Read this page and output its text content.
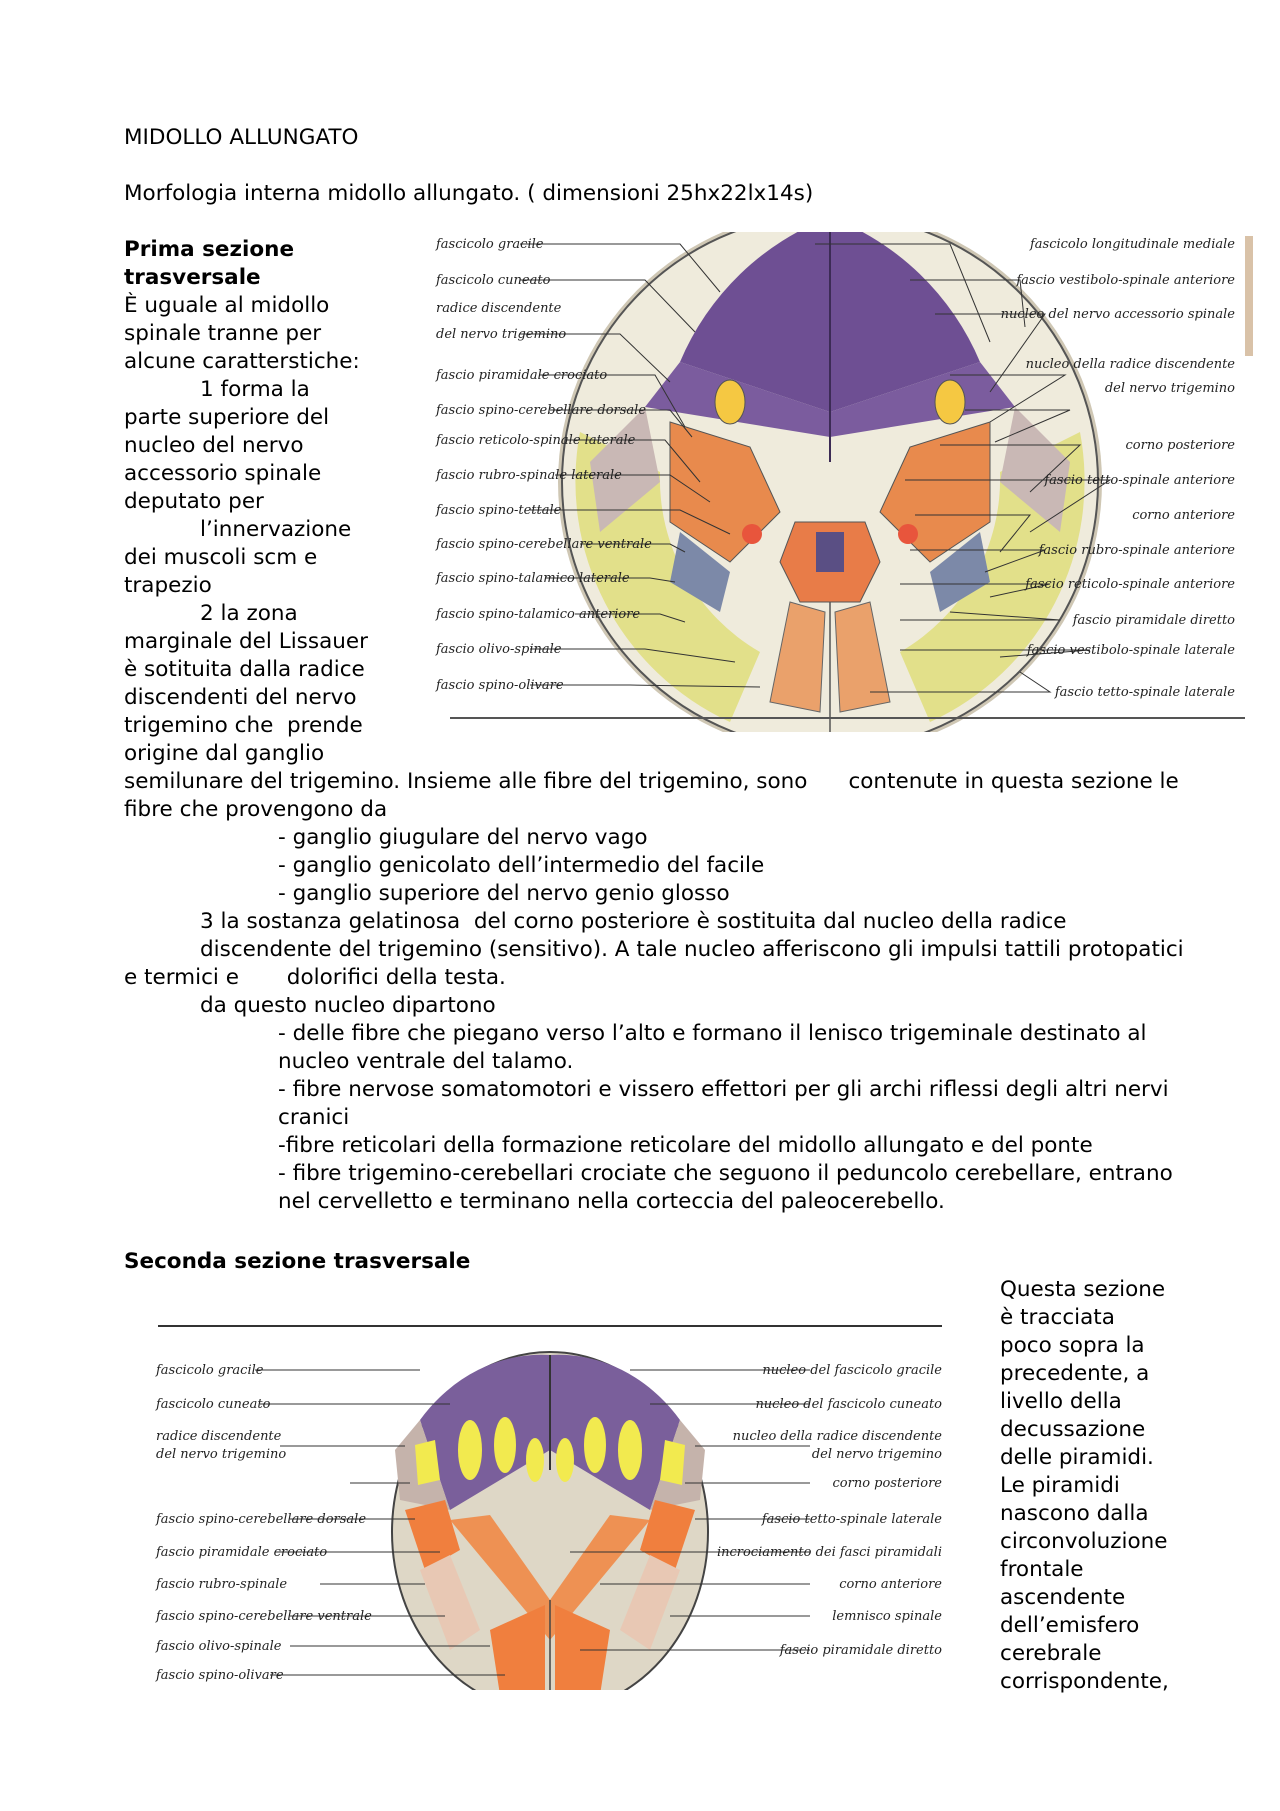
MIDOLLO ALLUNGATO
Morfologia interna midollo allungato. ( dimensioni 25hx22lx14s)
Prima sezione
trasversale
È uguale al midollo
spinale tranne per
alcune caratterstiche:
1 forma la
parte superiore del
nucleo del nervo
accessorio spinale
deputato per
l’innervazione
dei muscoli scm e
trapezio
2 la zona
marginale del Lissauer
è sotituita dalla radice
discendenti del nervo
trigemino che  prende
origine dal ganglio
semilunare del trigemino. Insieme alle fibre del trigemino, sono      contenute in questa sezione le
fibre che provengono da
- ganglio giugulare del nervo vago
- ganglio genicolato dell’intermedio del facile
- ganglio superiore del nervo genio glosso
3 la sostanza gelatinosa  del corno posteriore è sostituita dal nucleo della radice
discendente del trigemino (sensitivo). A tale nucleo afferiscono gli impulsi tattili protopatici
e termici e       dolorifici della testa.
da questo nucleo dipartono
- delle fibre che piegano verso l’alto e formano il lenisco trigeminale destinato al
nucleo ventrale del talamo.
- fibre nervose somatomotori e vissero effettori per gli archi riflessi degli altri nervi
cranici
-fibre reticolari della formazione reticolare del midollo allungato e del ponte
- fibre trigemino-cerebellari crociate che seguono il peduncolo cerebellare, entrano
nel cervelletto e terminano nella corteccia del paleocerebello.
fascicolo gracile
fascicolo cuneato
radice discendente
del nervo trigemino
fascio piramidale crociato
fascio spino-cerebellare dorsale
fascio reticolo-spinale laterale
fascio rubro-spinale laterale
fascio spino-tettale
fascio spino-cerebellare ventrale
fascio spino-talamico laterale
fascio spino-talamico anteriore
fascio olivo-spinale
fascio spino-olivare
fascicolo longitudinale mediale
fascio vestibolo-spinale anteriore
nucleo del nervo accessorio spinale
nucleo della radice discendente
del nervo trigemino
corno posteriore
fascio tetto-spinale anteriore
corno anteriore
fascio rubro-spinale anteriore
fascio reticolo-spinale anteriore
fascio piramidale diretto
fascio vestibolo-spinale laterale
fascio tetto-spinale laterale
Seconda sezione trasversale
Questa sezione
è tracciata
poco sopra la
precedente, a
livello della
decussazione
delle piramidi.
Le piramidi
nascono dalla
circonvoluzione
frontale
ascendente
dell’emisfero
cerebrale
corrispondente,
fascicolo gracile
fascicolo cuneato
radice discendente
del nervo trigemino
fascio spino-cerebellare dorsale
fascio piramidale crociato
fascio rubro-spinale
fascio spino-cerebellare ventrale
fascio olivo-spinale
fascio spino-olivare
nucleo del fascicolo gracile
nucleo del fascicolo cuneato
nucleo della radice discendente
del nervo trigemino
corno posteriore
fascio tetto-spinale laterale
incrociamento dei fasci piramidali
corno anteriore
lemnisco spinale
fascio piramidale diretto
